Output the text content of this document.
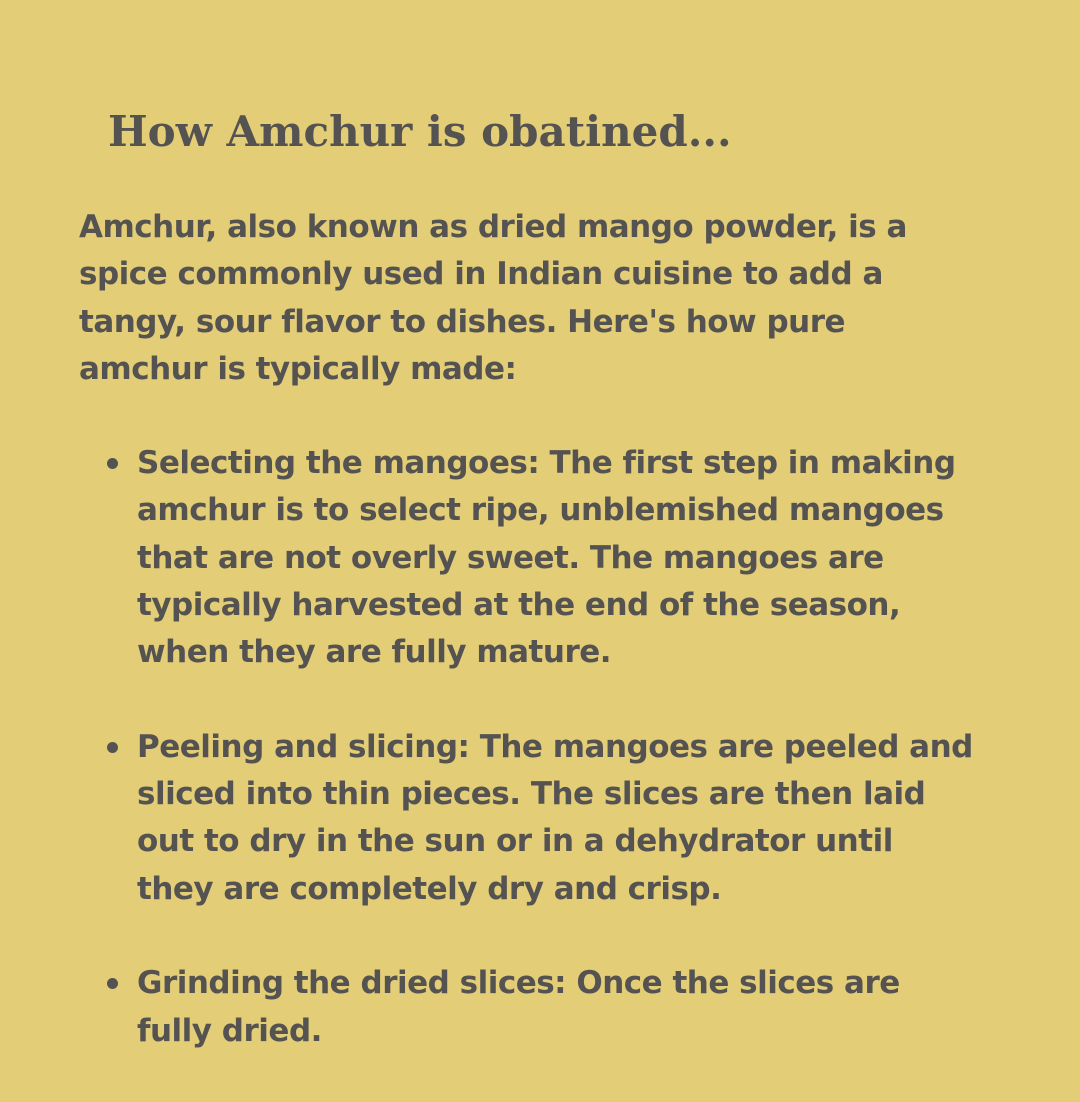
How Amchur is obatined...

Amchur, also known as dried mango powder, is a
spice commonly used in Indian cuisine to add a
tangy, sour flavor to dishes. Here's how pure
amchur is typically made:

Selecting the mangoes: The first step in making
amchur is to select ripe, unblemished mangoes
that are not overly sweet. The mangoes are
typically harvested at the end of the season,
when they are fully mature.
Peeling and slicing: The mangoes are peeled and
sliced into thin pieces. The slices are then laid
out to dry in the sun or in a dehydrator until
they are completely dry and crisp.
Grinding the dried slices: Once the slices are
fully dried.
